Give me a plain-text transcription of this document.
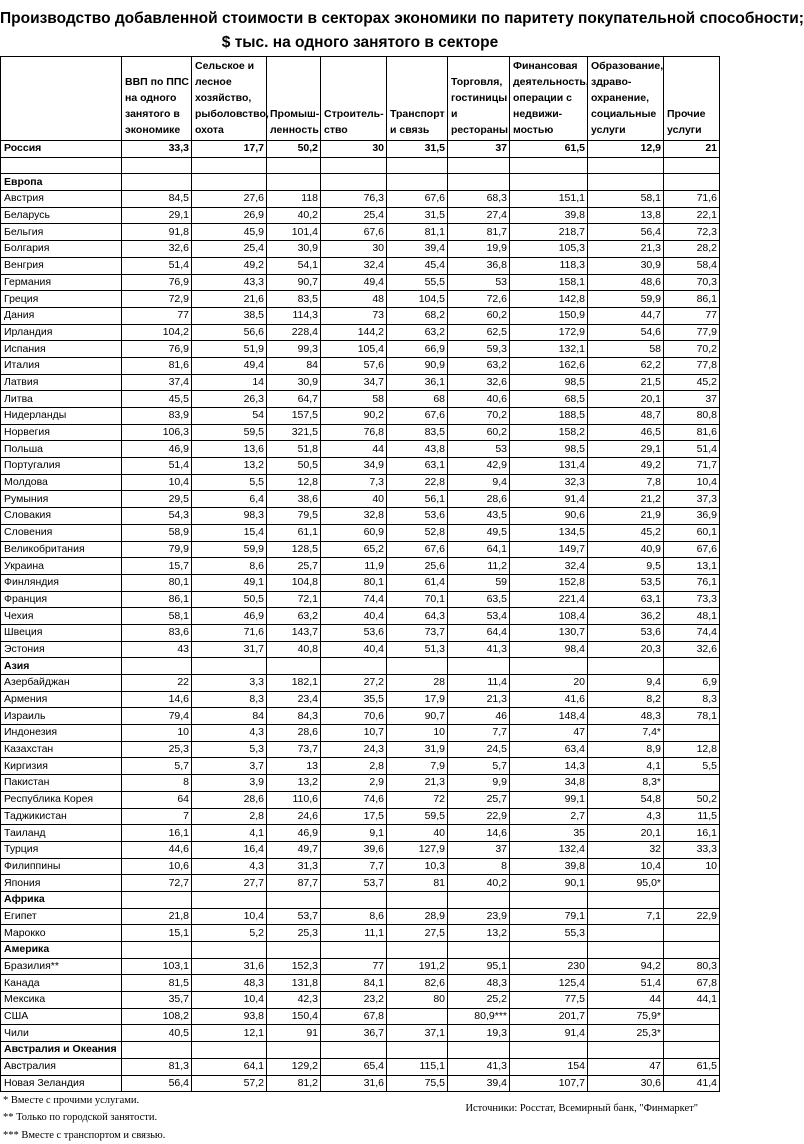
Производство добавленной стоимости в секторах экономики по паритету покупательной способности;
$ тыс. на одного занятого в секторе
	ВВП по ППС на одного занятого в экономике	Сельское и лесное хозяйство, рыболовство, охота	Промыш-ленность	Строитель-ство	Транспорт и связь	Торговля, гостиницы и рестораны	Финансовая деятельность, операции с недвижи-мостью	Образование, здраво-охранение, социальные услуги	Прочие услуги
Россия	33,3	17,7	50,2	30	31,5	37	61,5	12,9	21

Европа									
Австрия	84,5	27,6	118	76,3	67,6	68,3	151,1	58,1	71,6
Беларусь	29,1	26,9	40,2	25,4	31,5	27,4	39,8	13,8	22,1
Бельгия	91,8	45,9	101,4	67,6	81,1	81,7	218,7	56,4	72,3
Болгария	32,6	25,4	30,9	30	39,4	19,9	105,3	21,3	28,2
Венгрия	51,4	49,2	54,1	32,4	45,4	36,8	118,3	30,9	58,4
Германия	76,9	43,3	90,7	49,4	55,5	53	158,1	48,6	70,3
Греция	72,9	21,6	83,5	48	104,5	72,6	142,8	59,9	86,1
Дания	77	38,5	114,3	73	68,2	60,2	150,9	44,7	77
Ирландия	104,2	56,6	228,4	144,2	63,2	62,5	172,9	54,6	77,9
Испания	76,9	51,9	99,3	105,4	66,9	59,3	132,1	58	70,2
Италия	81,6	49,4	84	57,6	90,9	63,2	162,6	62,2	77,8
Латвия	37,4	14	30,9	34,7	36,1	32,6	98,5	21,5	45,2
Литва	45,5	26,3	64,7	58	68	40,6	68,5	20,1	37
Нидерланды	83,9	54	157,5	90,2	67,6	70,2	188,5	48,7	80,8
Норвегия	106,3	59,5	321,5	76,8	83,5	60,2	158,2	46,5	81,6
Польша	46,9	13,6	51,8	44	43,8	53	98,5	29,1	51,4
Португалия	51,4	13,2	50,5	34,9	63,1	42,9	131,4	49,2	71,7
Молдова	10,4	5,5	12,8	7,3	22,8	9,4	32,3	7,8	10,4
Румыния	29,5	6,4	38,6	40	56,1	28,6	91,4	21,2	37,3
Словакия	54,3	98,3	79,5	32,8	53,6	43,5	90,6	21,9	36,9
Словения	58,9	15,4	61,1	60,9	52,8	49,5	134,5	45,2	60,1
Великобритания	79,9	59,9	128,5	65,2	67,6	64,1	149,7	40,9	67,6
Украина	15,7	8,6	25,7	11,9	25,6	11,2	32,4	9,5	13,1
Финляндия	80,1	49,1	104,8	80,1	61,4	59	152,8	53,5	76,1
Франция	86,1	50,5	72,1	74,4	70,1	63,5	221,4	63,1	73,3
Чехия	58,1	46,9	63,2	40,4	64,3	53,4	108,4	36,2	48,1
Швеция	83,6	71,6	143,7	53,6	73,7	64,4	130,7	53,6	74,4
Эстония	43	31,7	40,8	40,4	51,3	41,3	98,4	20,3	32,6
Азия									
Азербайджан	22	3,3	182,1	27,2	28	11,4	20	9,4	6,9
Армения	14,6	8,3	23,4	35,5	17,9	21,3	41,6	8,2	8,3
Израиль	79,4	84	84,3	70,6	90,7	46	148,4	48,3	78,1
Индонезия	10	4,3	28,6	10,7	10	7,7	47	7,4*	
Казахстан	25,3	5,3	73,7	24,3	31,9	24,5	63,4	8,9	12,8
Киргизия	5,7	3,7	13	2,8	7,9	5,7	14,3	4,1	5,5
Пакистан	8	3,9	13,2	2,9	21,3	9,9	34,8	8,3*	
Республика Корея	64	28,6	110,6	74,6	72	25,7	99,1	54,8	50,2
Таджикистан	7	2,8	24,6	17,5	59,5	22,9	2,7	4,3	11,5
Таиланд	16,1	4,1	46,9	9,1	40	14,6	35	20,1	16,1
Турция	44,6	16,4	49,7	39,6	127,9	37	132,4	32	33,3
Филиппины	10,6	4,3	31,3	7,7	10,3	8	39,8	10,4	10
Япония	72,7	27,7	87,7	53,7	81	40,2	90,1	95,0*	
Африка									
Египет	21,8	10,4	53,7	8,6	28,9	23,9	79,1	7,1	22,9
Марокко	15,1	5,2	25,3	11,1	27,5	13,2	55,3		
Америка									
Бразилия**	103,1	31,6	152,3	77	191,2	95,1	230	94,2	80,3
Канада	81,5	48,3	131,8	84,1	82,6	48,3	125,4	51,4	67,8
Мексика	35,7	10,4	42,3	23,2	80	25,2	77,5	44	44,1
США	108,2	93,8	150,4	67,8		80,9***	201,7	75,9*	
Чили	40,5	12,1	91	36,7	37,1	19,3	91,4	25,3*	
Австралия и Океания									
Австралия	81,3	64,1	129,2	65,4	115,1	41,3	154	47	61,5
Новая Зеландия	56,4	57,2	81,2	31,6	75,5	39,4	107,7	30,6	41,4
* Вместе с прочими услугами.
** Только по городской занятости.
*** Вместе с транспортом и связью.
Источники: Росстат, Всемирный банк, "Финмаркет"
